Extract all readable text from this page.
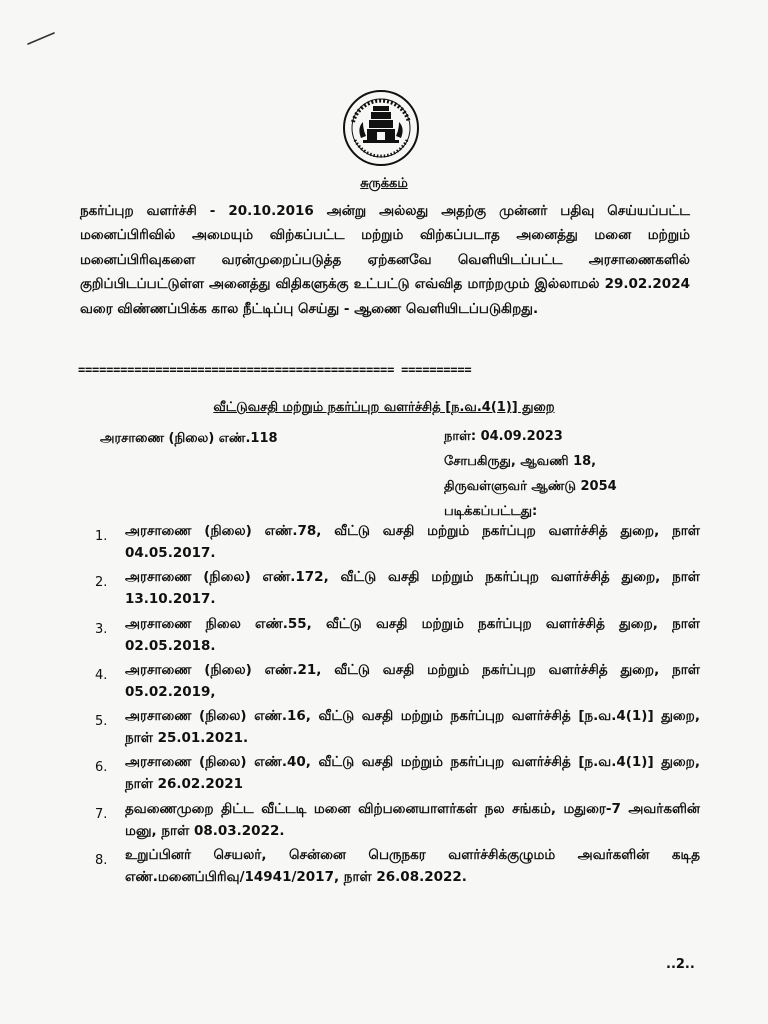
சுருக்கம்

நகர்ப்புற வளர்ச்சி - 20.10.2016 அன்று அல்லது அதற்கு முன்னர் பதிவு செய்யப்பட்ட மனைப்பிரிவில் அமையும் விற்கப்பட்ட மற்றும் விற்கப்படாத அனைத்து மனை மற்றும் மனைப்பிரிவுகளை வரன்முறைப்படுத்த ஏற்கனவே வெளியிடப்பட்ட அரசாணைகளில் குறிப்பிடப்பட்டுள்ள அனைத்து விதிகளுக்கு உட்பட்டு எவ்வித மாற்றமும் இல்லாமல் 29.02.2024 வரை விண்ணப்பிக்க கால நீட்டிப்பு செய்து - ஆணை வெளியிடப்படுகிறது.

============================================= ==========
வீட்டுவசதி மற்றும் நகர்ப்புற வளர்ச்சித் [ந.வ.4(1)] துறை
அரசாணை (நிலை) எண்.118	நாள்: 04.09.2023
சோபகிருது, ஆவணி 18,
திருவள்ளுவர் ஆண்டு 2054
படிக்கப்பட்டது:
1. அரசாணை (நிலை) எண்.78, வீட்டு வசதி மற்றும் நகர்ப்புற வளர்ச்சித் துறை, நாள் 04.05.2017.
2. அரசாணை (நிலை) எண்.172, வீட்டு வசதி மற்றும் நகர்ப்புற வளர்ச்சித் துறை, நாள் 13.10.2017.
3. அரசாணை நிலை எண்.55, வீட்டு வசதி மற்றும் நகர்ப்புற வளர்ச்சித் துறை, நாள் 02.05.2018.
4. அரசாணை (நிலை) எண்.21, வீட்டு வசதி மற்றும் நகர்ப்புற வளர்ச்சித் துறை, நாள் 05.02.2019,
5. அரசாணை (நிலை) எண்.16, வீட்டு வசதி மற்றும் நகர்ப்புற வளர்ச்சித் [ந.வ.4(1)] துறை, நாள் 25.01.2021.
6. அரசாணை (நிலை) எண்.40, வீட்டு வசதி மற்றும் நகர்ப்புற வளர்ச்சித் [ந.வ.4(1)] துறை, நாள் 26.02.2021
7. தவணைமுறை திட்ட வீட்டடி மனை விற்பனையாளர்கள் நல சங்கம், மதுரை-7 அவர்களின் மனு, நாள் 08.03.2022.
8. உறுப்பினர் செயலர், சென்னை பெருநகர வளர்ச்சிக்குழுமம் அவர்களின் கடித எண்.மனைப்பிரிவு/14941/2017, நாள் 26.08.2022.
..2..
